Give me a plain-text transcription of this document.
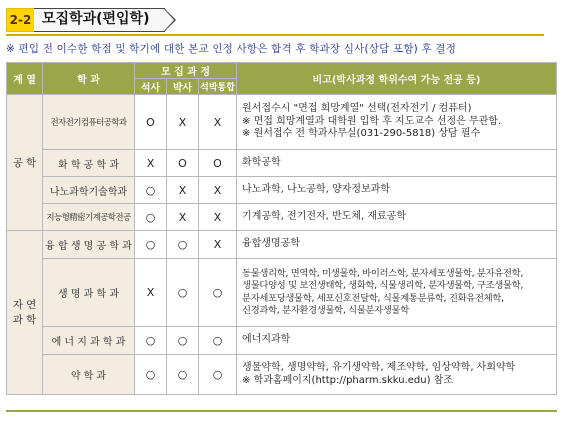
2-2 모집학과(편입학)
※ 편입 전 이수한 학점 및 학기에 대한 본교 인정 사항은 합격 후 학과장 심사(상담 포함) 후 결정
계 열	학 과	모 집 과 정			비고(박사과정 학위수여 가능 전공 등)
		석사	박사	석박통합	
공 학	전자전기컴퓨터공학과	O	X	X	원서접수시 "면접 희망계열" 선택(전자전기 / 컴퓨터)
※ 면접 희망계열과 대학원 입학 후 지도교수 선정은 무관함.
※ 원서접수 전 학과사무실(031-290-5818) 상담 필수

	화 학 공 학 과	X	O	O	화학공학

	나노과학기술학과	○	X	X	나노과학, 나노공학, 양자정보과학

	지능형精密기계공학전공	○	X	X	기계공학, 전기전자, 반도체, 재료공학

자 연
과 학	융 합 생 명 공 학 과	○	○	X	융합생명공학

	생 명 과 학 과	X	○	○	동물생리학, 면역학, 미생물학, 바이러스학, 분자세포생물학, 분자유전학,
생물다양성 및 보전생태학, 생화학, 식물생리학, 분자생물학, 구조생물학,
분자세포당생물학, 세포신호전달학, 식물계통분류학, 진화유전체학,
신경과학, 분자환경생물학, 식물분자생물학

	에 너 지 과 학 과	○	○	○	에너지과학

	약 학 과	○	○	○	생물약학, 생명약학, 유기생약학, 제조약학, 임상약학, 사회약학
※ 학과홈페이지(http://pharm.skku.edu) 참조
